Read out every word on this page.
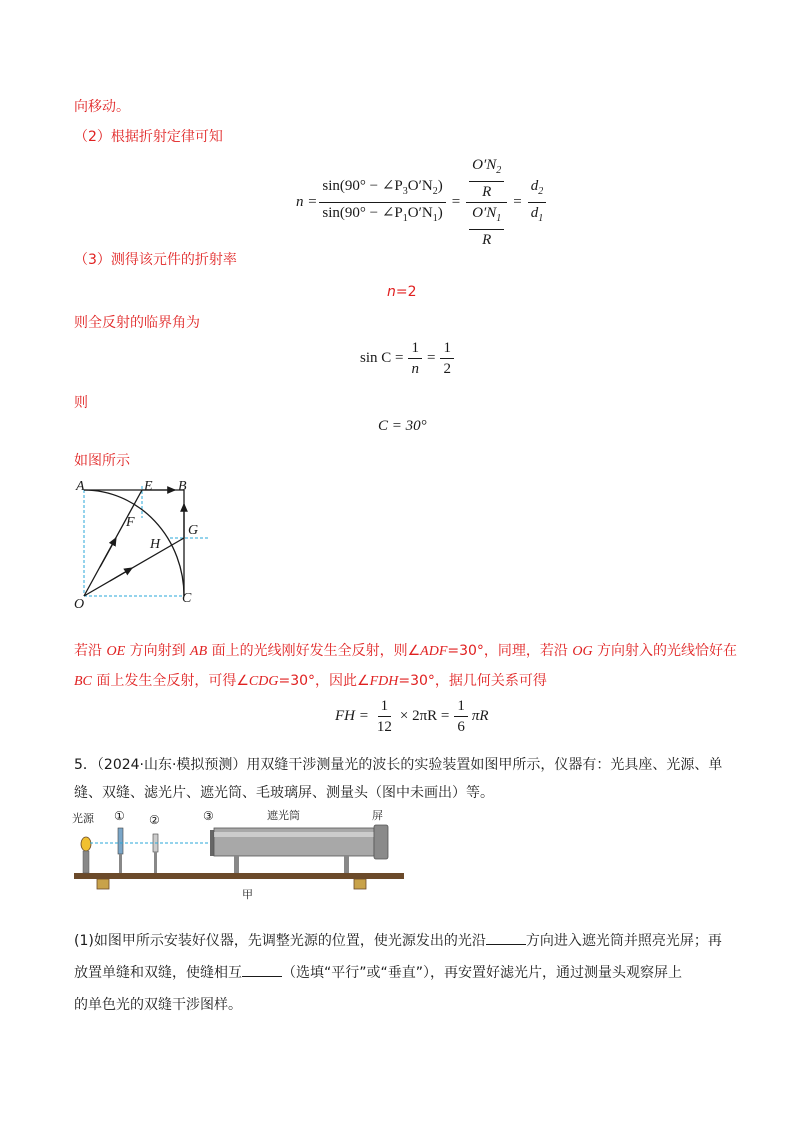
向移动。
（2）根据折射定律可知
$n = \frac{\sin(90^\circ - \angle P_3O'N_2)}{\sin(90^\circ - \angle P_1O'N_1)} = \frac{\frac{O'N_2}{R}}{\frac{O'N_1}{R}} = \frac{d_2}{d_1}$
（3）测得该元件的折射率
n=2
则全反射的临界角为
$\sin C = \frac{1}{n} = \frac{1}{2}$
则
C = 30°
如图所示
A	E B
F
G
H
O	C
若沿 OE 方向射到 AB 面上的光线刚好发生全反射，则∠ADF=30°，同理，若沿 OG 方向射入的光线恰好在
BC 面上发生全反射，可得∠CDG=30°，因此∠FDH=30°，据几何关系可得
FH = $\frac{1}{12} \times 2\pi R = \frac{1}{6}$ πR
5．（2024·山东·模拟预测）用双缝干涉测量光的波长的实验装置如图甲所示，仪器有：光具座、光源、单
缝、双缝、滤光片、遮光筒、毛玻璃屏、测量头（图中未画出）等。
光源 ① ②	③	遮光筒	屏
甲
(1)如图甲所示安装好仪器，先调整光源的位置，使光源发出的光沿	方向进入遮光筒并照亮光屏；再
放置单缝和双缝，使缝相互	（选填“平行”或“垂直”），再安置好滤光片，通过测量头观察屏上
的单色光的双缝干涉图样。
